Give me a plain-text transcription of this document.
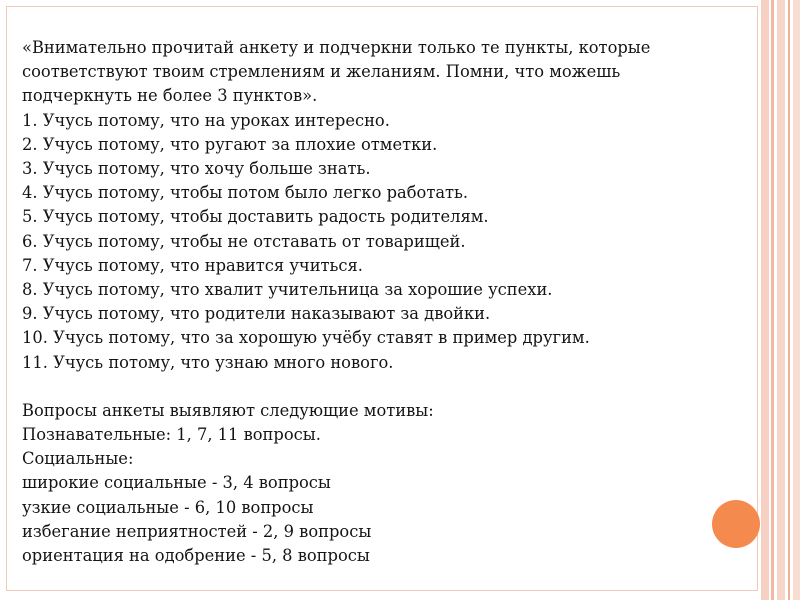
«Внимательно прочитай анкету и подчеркни только те пункты, которые соответствуют твоим стремлениям и желаниям. Помни, что можешь подчеркнуть не более 3 пунктов».

1. Учусь потому, что на уроках интересно.

2. Учусь потому, что ругают за плохие отметки.

3. Учусь потому, что хочу больше знать.

4. Учусь потому, чтобы потом было легко работать.

5. Учусь потому, чтобы доставить радость родителям.

6. Учусь потому, чтобы не отставать от товарищей.

7. Учусь потому, что нравится учиться.

8. Учусь потому, что хвалит учительница за хорошие успехи.

9. Учусь потому, что родители наказывают за двойки.

10. Учусь потому, что за хорошую учёбу ставят в пример другим.

11. Учусь потому, что узнаю много нового.

Вопросы анкеты выявляют следующие мотивы:

Познавательные: 1, 7, 11 вопросы.

Социальные:

широкие социальные - 3, 4 вопросы

узкие социальные - 6, 10 вопросы

избегание неприятностей - 2, 9 вопросы

ориентация на одобрение - 5, 8 вопросы
